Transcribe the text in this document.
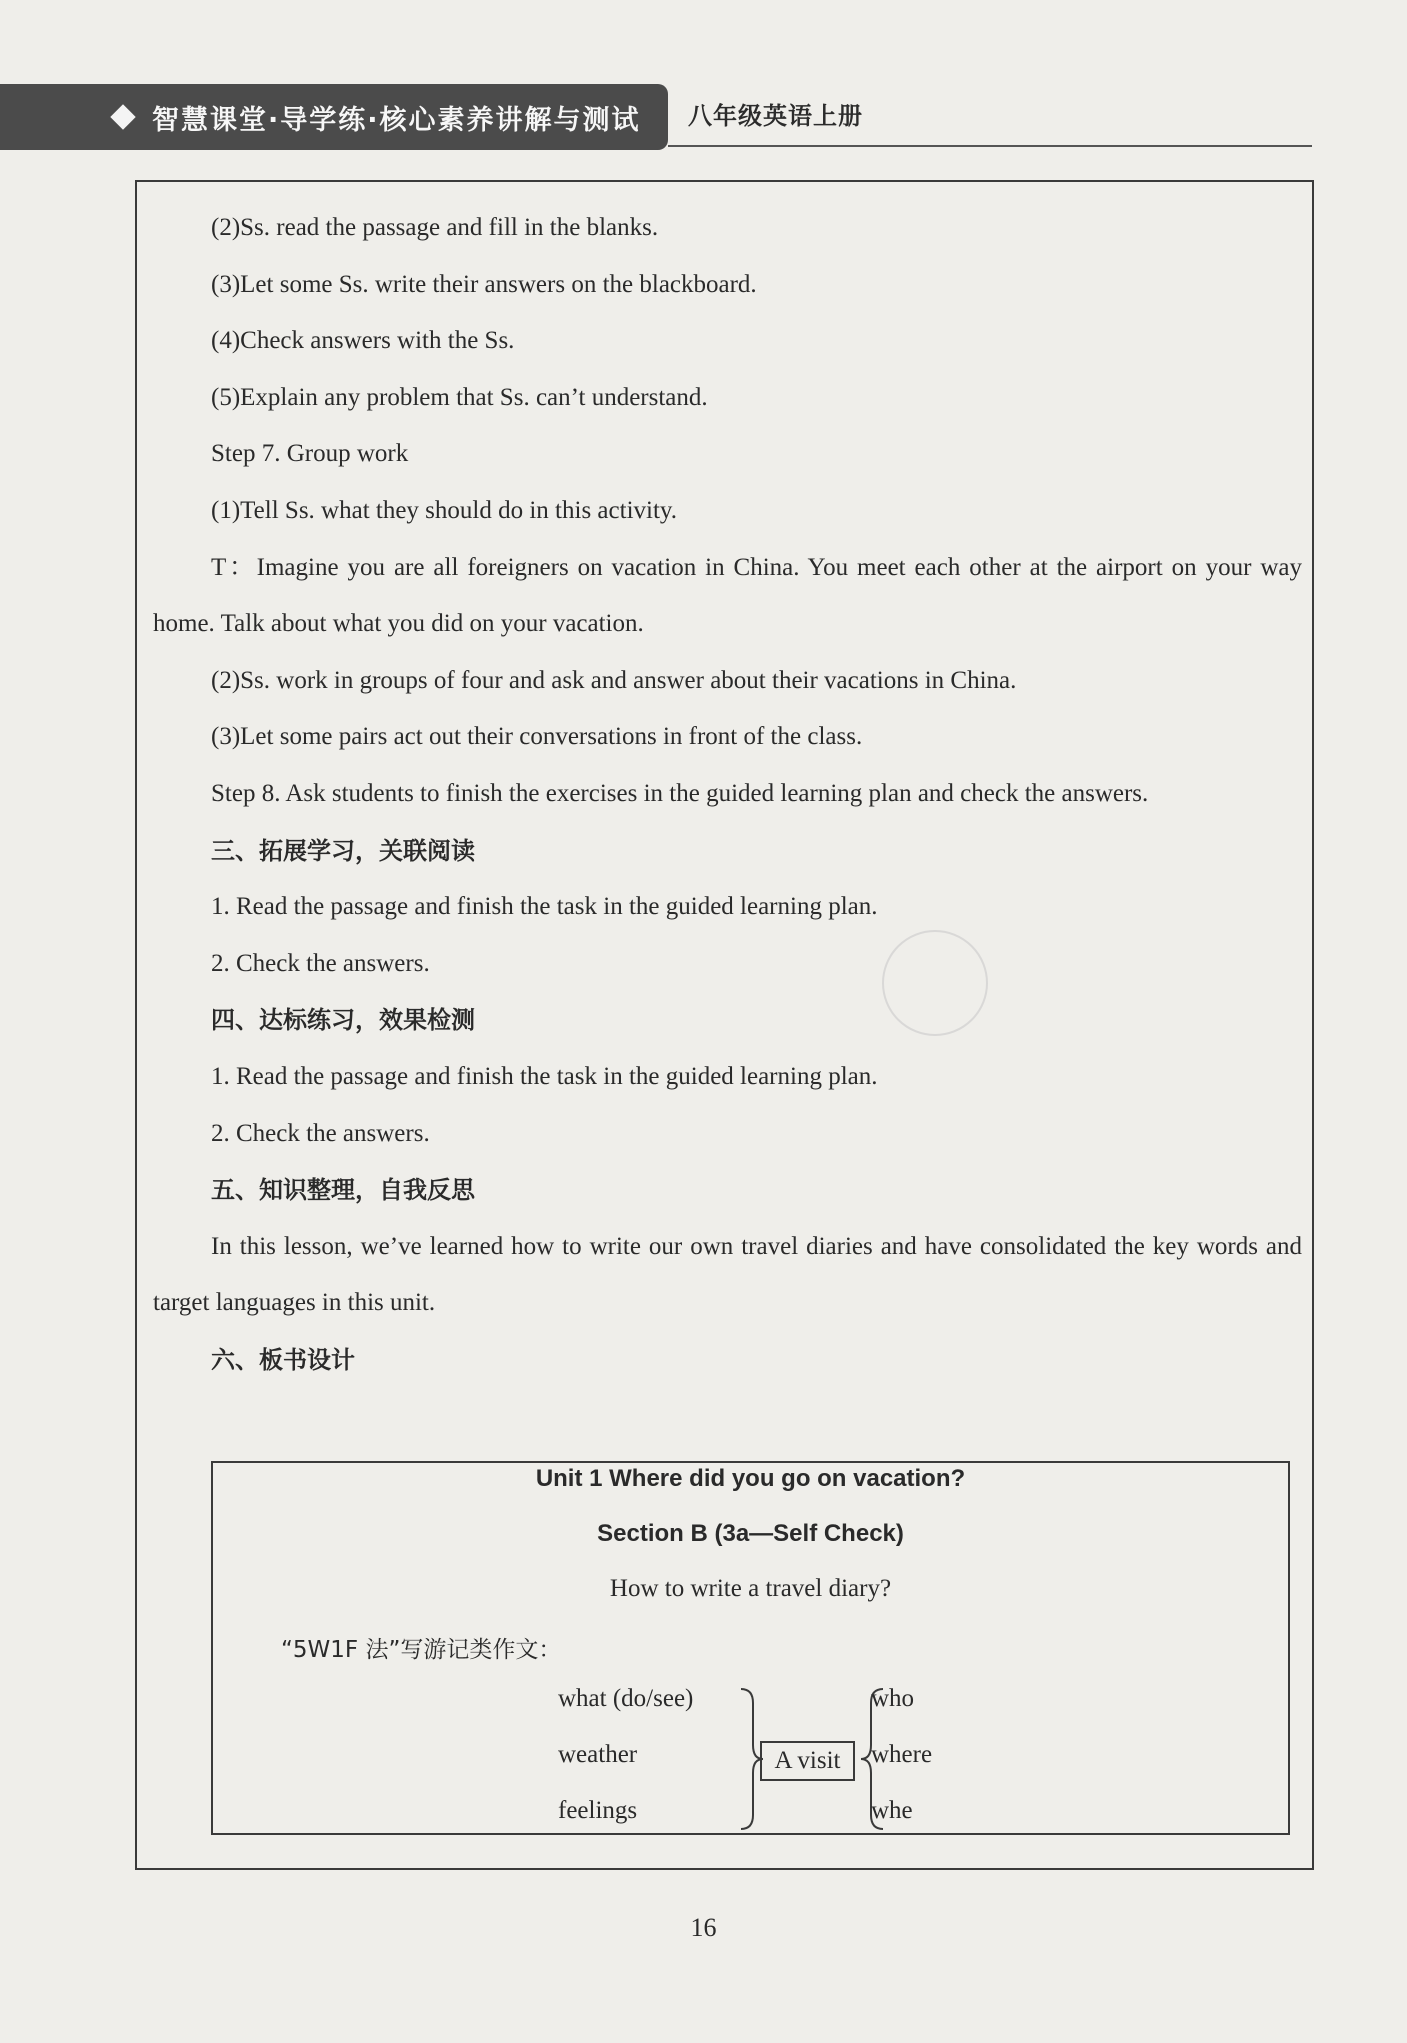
智慧课堂·导学练·核心素养讲解与测试 八年级英语上册

(2)Ss. read the passage and fill in the blanks.

(3)Let some Ss. write their answers on the blackboard.

(4)Check answers with the Ss.

(5)Explain any problem that Ss. can’t understand.

Step 7. Group work

(1)Tell Ss. what they should do in this activity.

T：Imagine you are all foreigners on vacation in China. You meet each other at the airport on your way home. Talk about what you did on your vacation.

(2)Ss. work in groups of four and ask and answer about their vacations in China.

(3)Let some pairs act out their conversations in front of the class.

Step 8. Ask students to finish the exercises in the guided learning plan and check the answers.

三、拓展学习，关联阅读

1. Read the passage and finish the task in the guided learning plan.

2. Check the answers.

四、达标练习，效果检测

1. Read the passage and finish the task in the guided learning plan.

2. Check the answers.

五、知识整理，自我反思

In this lesson, we’ve learned how to write our own travel diaries and have consolidated the key words and target languages in this unit.

六、板书设计

Unit 1 Where did you go on vacation?
Section B (3a—Self Check)
How to write a travel diary?
“5W1F 法”写游记类作文：
what (do/see)
weather
feelings
A visit
who
where
whe
16
